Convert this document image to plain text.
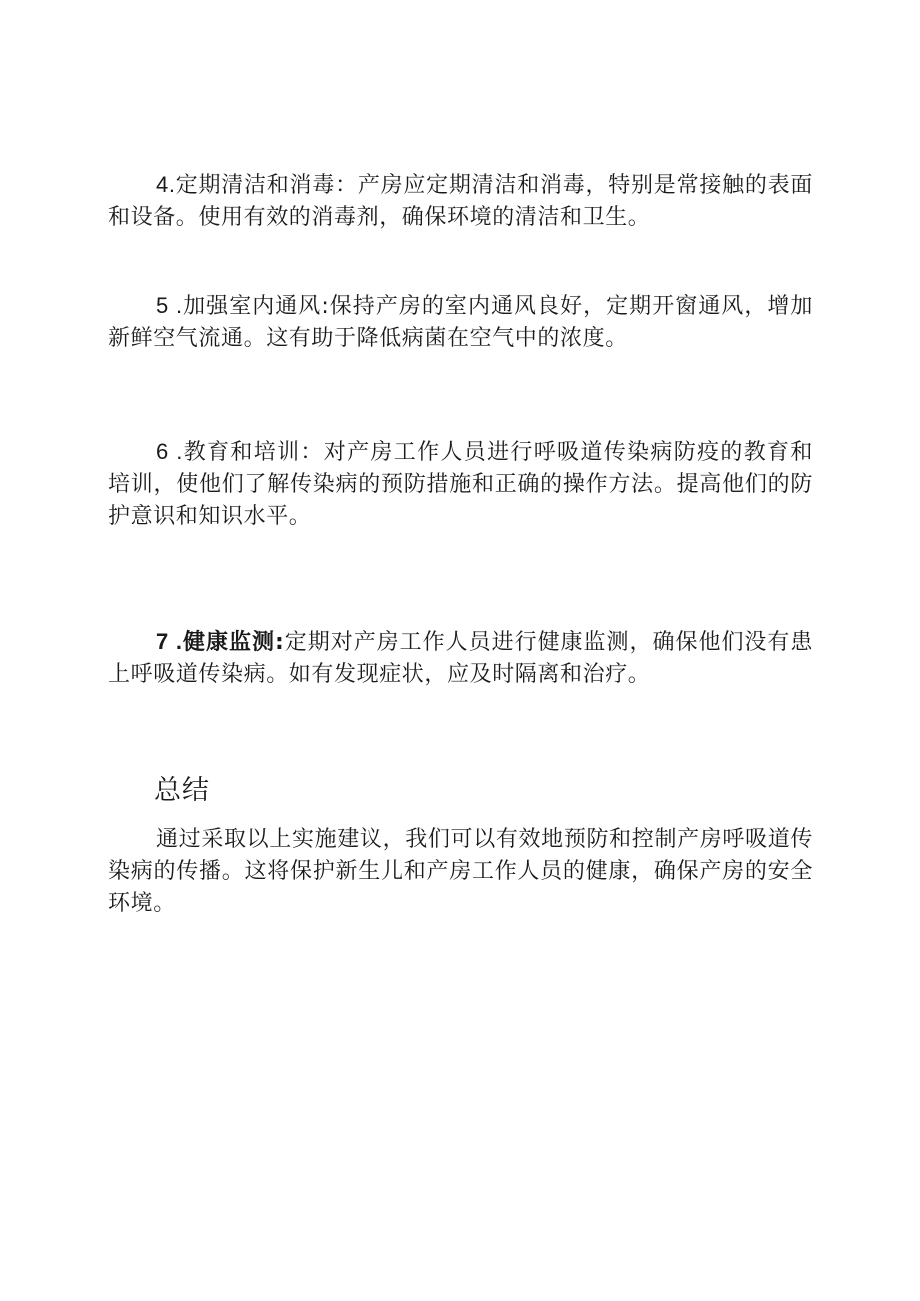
4.定期清洁和消毒：产房应定期清洁和消毒，特别是常接触的表面和设备。使用有效的消毒剂，确保环境的清洁和卫生。

5 .加强室内通风:保持产房的室内通风良好，定期开窗通风，增加新鲜空气流通。这有助于降低病菌在空气中的浓度。

6 .教育和培训：对产房工作人员进行呼吸道传染病防疫的教育和培训，使他们了解传染病的预防措施和正确的操作方法。提高他们的防护意识和知识水平。

7 .健康监测:定期对产房工作人员进行健康监测，确保他们没有患上呼吸道传染病。如有发现症状，应及时隔离和治疗。

总结

通过采取以上实施建议，我们可以有效地预防和控制产房呼吸道传染病的传播。这将保护新生儿和产房工作人员的健康，确保产房的安全环境。
